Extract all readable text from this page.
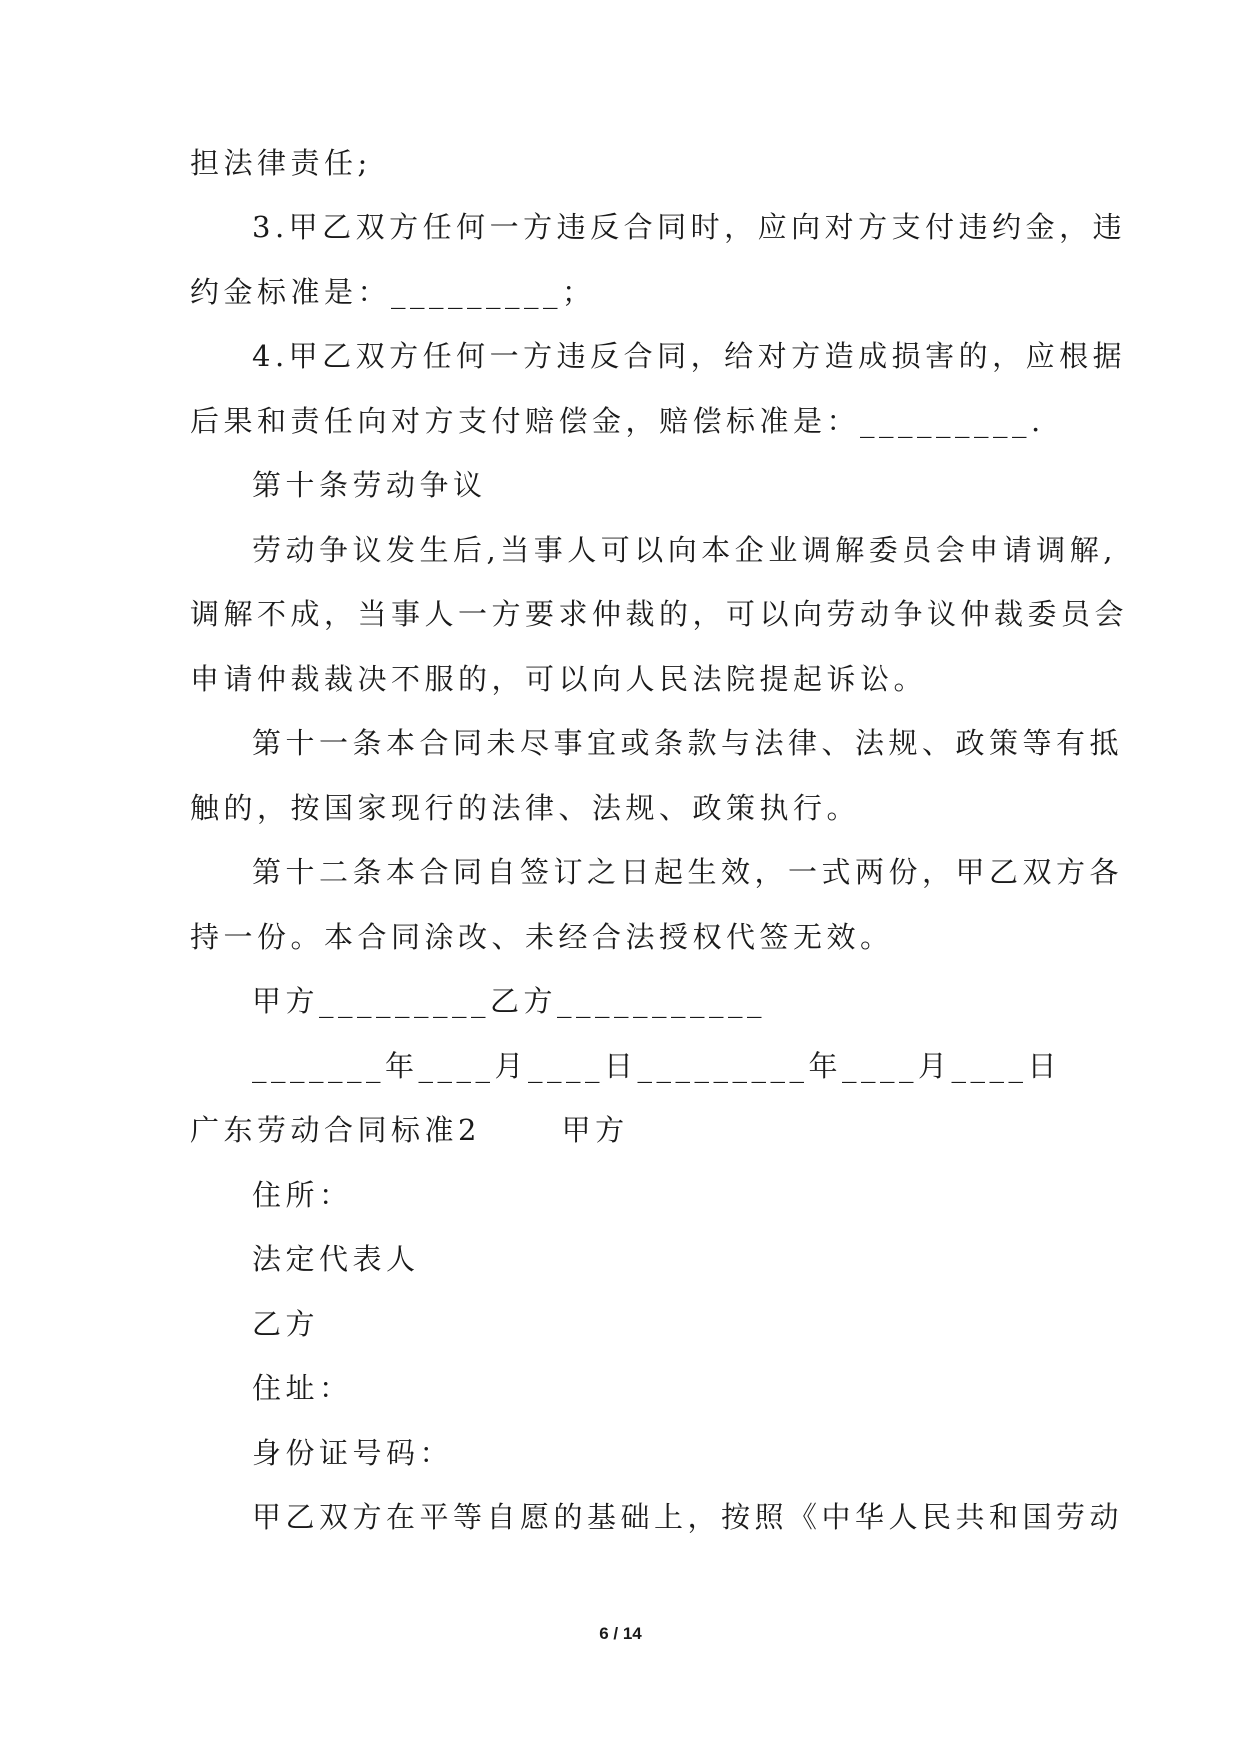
担法律责任;
3.甲乙双方任何一方违反合同时，应向对方支付违约金，违
约金标准是：_________；
4.甲乙双方任何一方违反合同，给对方造成损害的，应根据
后果和责任向对方支付赔偿金，赔偿标准是：_________.
第十条劳动争议
劳动争议发生后,当事人可以向本企业调解委员会申请调解,
调解不成，当事人一方要求仲裁的，可以向劳动争议仲裁委员会
申请仲裁裁决不服的，可以向人民法院提起诉讼。
第十一条本合同未尽事宜或条款与法律、法规、政策等有抵
触的，按国家现行的法律、法规、政策执行。
第十二条本合同自签订之日起生效，一式两份，甲乙双方各
持一份。本合同涂改、未经合法授权代签无效。
甲方_________乙方___________
_______年____月____日_________年____月____日
广东劳动合同标准2　　 甲方
住所：
法定代表人
乙方
住址：
身份证号码：
甲乙双方在平等自愿的基础上，按照《中华人民共和国劳动
6 / 14
